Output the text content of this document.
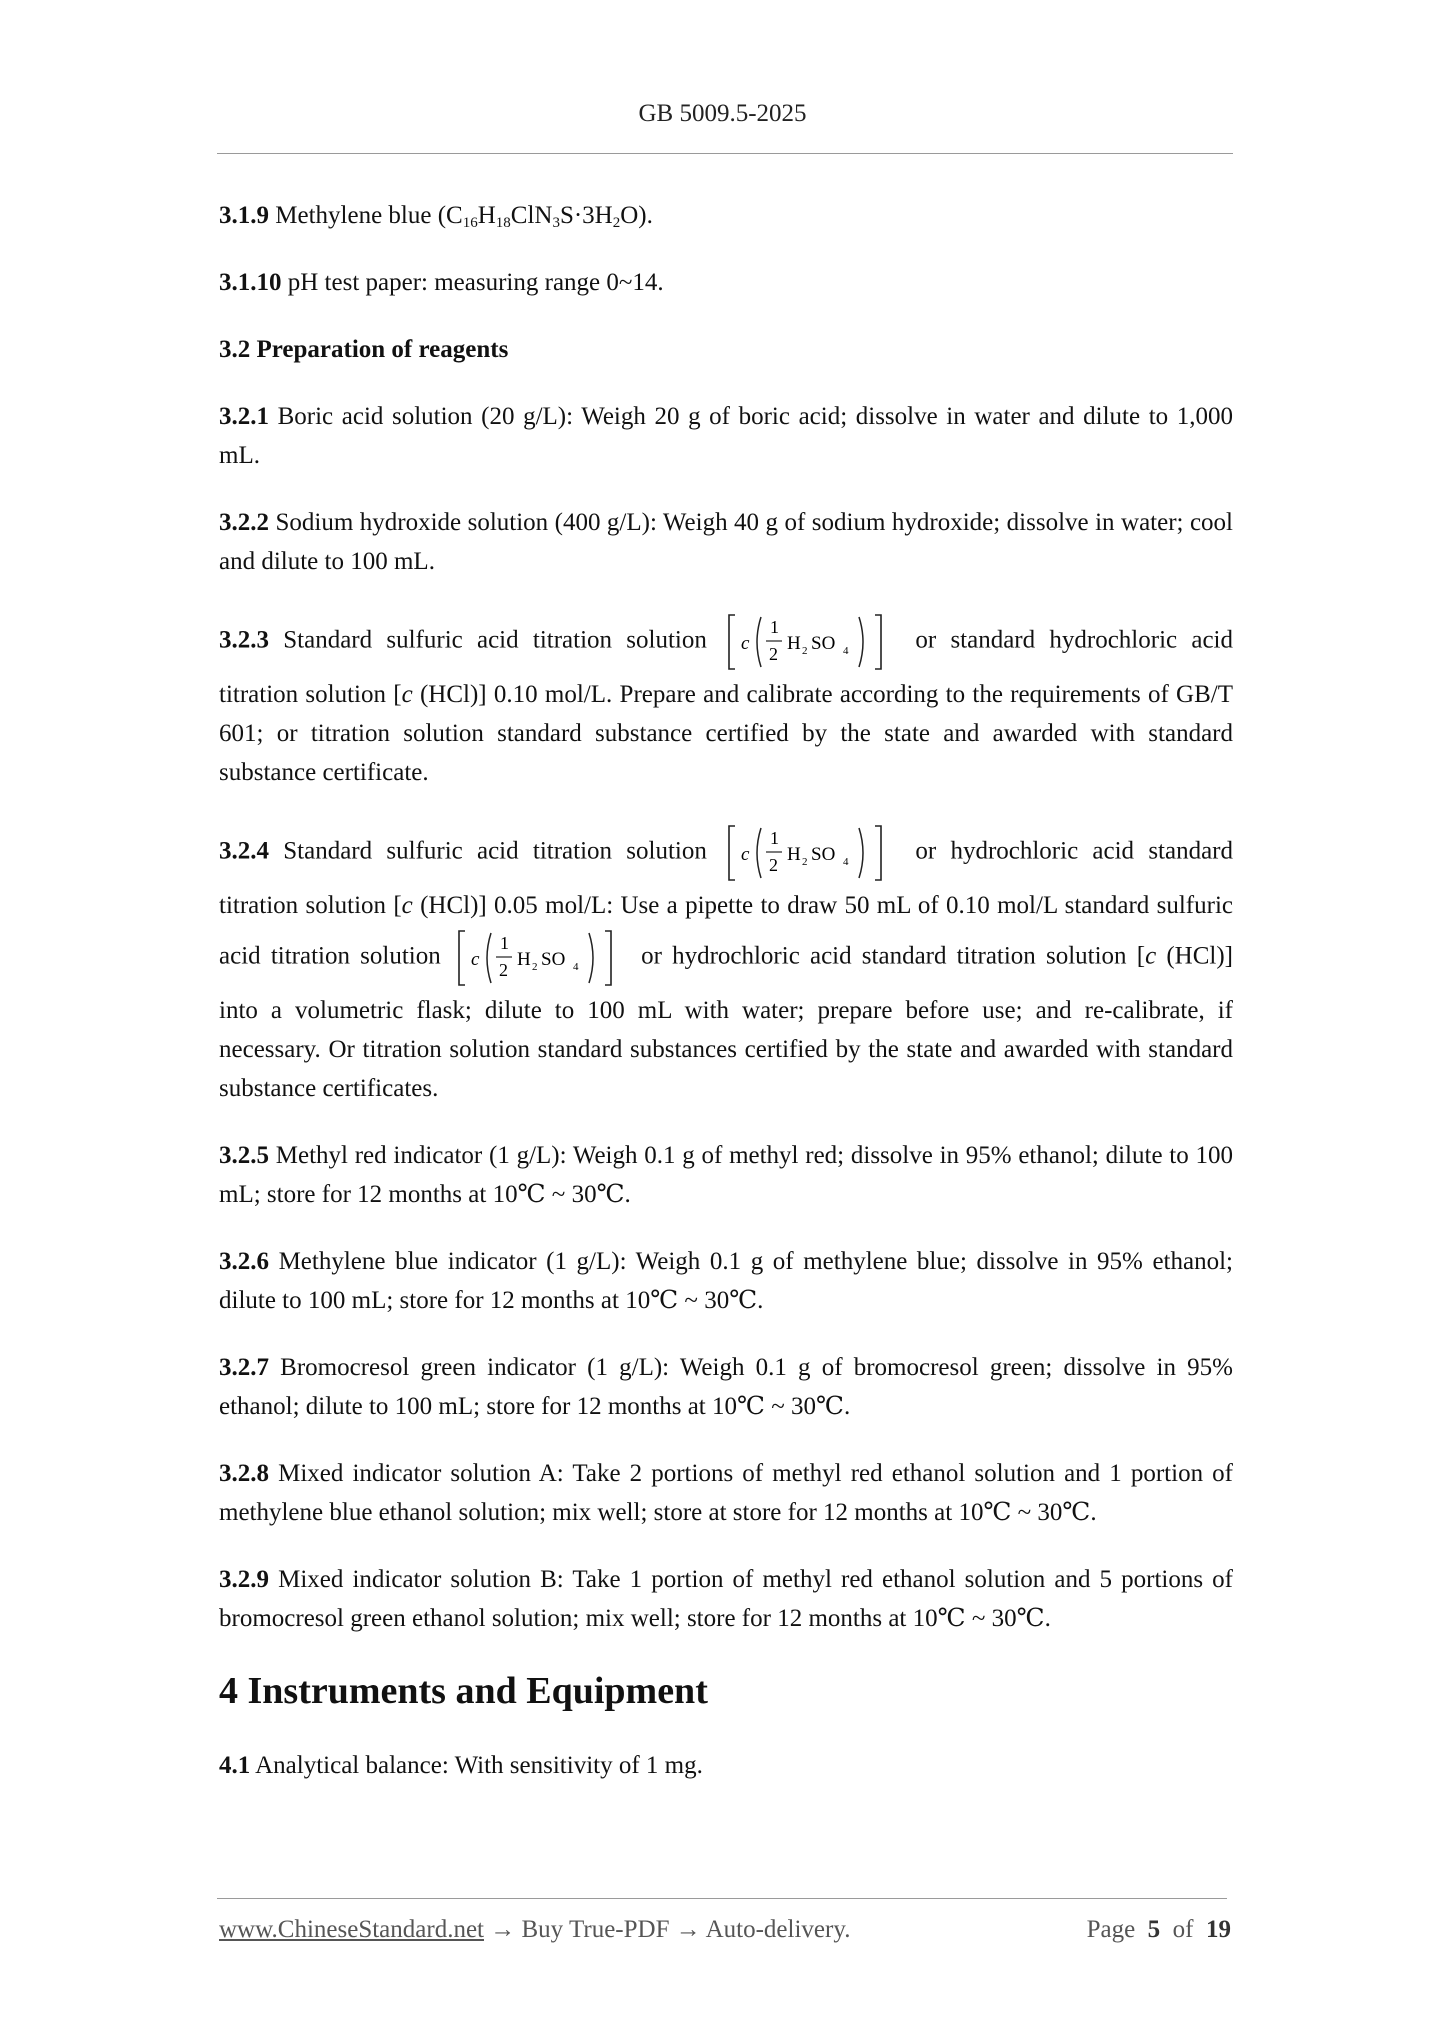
GB 5009.5-2025

3.1.9 Methylene blue $(C_{16}H_{18}ClN_3S\cdot 3H_2O)$.

3.1.10 pH test paper: measuring range 0~14.

3.2 Preparation of reagents

3.2.1 Boric acid solution (20 g/L): Weigh 20 g of boric acid; dissolve in water and dilute to 1,000 mL.

3.2.2 Sodium hydroxide solution (400 g/L): Weigh 40 g of sodium hydroxide; dissolve in water; cool and dilute to 100 mL.

3.2.3 Standard sulfuric acid titration solution c
1
2 H 2 SO 4 or standard hydrochloric acid titration solution [c (HCl)] 0.10 mol/L. Prepare and calibrate according to the requirements of GB/T 601; or titration solution standard substance certified by the state and awarded with standard substance certificate.

3.2.4 Standard sulfuric acid titration solution c
1
2 H 2 SO 4 or hydrochloric acid standard titration solution [c (HCl)] 0.05 mol/L: Use a pipette to draw 50 mL of 0.10 mol/L standard sulfuric acid titration solution c
1
2 H 2 SO 4 or hydrochloric acid standard titration solution [c (HCl)] into a volumetric flask; dilute to 100 mL with water; prepare before use; and re-calibrate, if necessary. Or titration solution standard substances certified by the state and awarded with standard substance certificates.

3.2.5 Methyl red indicator (1 g/L): Weigh 0.1 g of methyl red; dissolve in 95% ethanol; dilute to 100 mL; store for 12 months at 10℃ ~ 30℃.

3.2.6 Methylene blue indicator (1 g/L): Weigh 0.1 g of methylene blue; dissolve in 95% ethanol; dilute to 100 mL; store for 12 months at 10℃ ~ 30℃.

3.2.7 Bromocresol green indicator (1 g/L): Weigh 0.1 g of bromocresol green; dissolve in 95% ethanol; dilute to 100 mL; store for 12 months at 10℃ ~ 30℃.

3.2.8 Mixed indicator solution A: Take 2 portions of methyl red ethanol solution and 1 portion of methylene blue ethanol solution; mix well; store at store for 12 months at 10℃ ~ 30℃.

3.2.9 Mixed indicator solution B: Take 1 portion of methyl red ethanol solution and 5 portions of bromocresol green ethanol solution; mix well; store for 12 months at 10℃ ~ 30℃.

4 Instruments and Equipment

4.1 Analytical balance: With sensitivity of 1 mg.

www.ChineseStandard.net → Buy True-PDF → Auto-delivery.	Page 5 of 19
